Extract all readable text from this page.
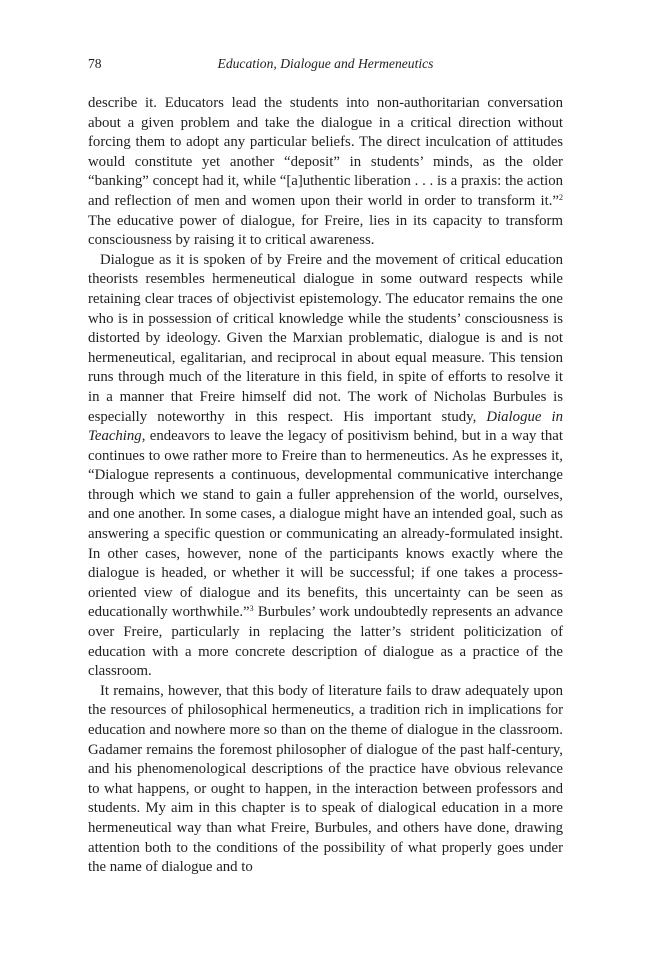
78	Education, Dialogue and Hermeneutics

describe it. Educators lead the students into non-authoritarian conversation about a given problem and take the dialogue in a critical direction without forcing them to adopt any particular beliefs. The direct inculcation of attitudes would constitute yet another “deposit” in students’ minds, as the older “banking” concept had it, while “[a]uthentic liberation . . . is a praxis: the action and reflection of men and women upon their world in order to transform it.”$^2$ The educative power of dialogue, for Freire, lies in its capacity to transform consciousness by raising it to critical awareness.

Dialogue as it is spoken of by Freire and the movement of critical education theorists resembles hermeneutical dialogue in some outward respects while retaining clear traces of objectivist epistemology. The educator remains the one who is in possession of critical knowledge while the students’ consciousness is distorted by ideology. Given the Marxian problematic, dialogue is and is not hermeneutical, egalitarian, and reciprocal in about equal measure. This tension runs through much of the literature in this field, in spite of efforts to resolve it in a manner that Freire himself did not. The work of Nicholas Burbules is especially noteworthy in this respect. His important study, Dialogue in Teaching, endeavors to leave the legacy of positivism behind, but in a way that continues to owe rather more to Freire than to hermeneutics. As he expresses it, “Dialogue represents a continuous, developmental communicative interchange through which we stand to gain a fuller apprehension of the world, ourselves, and one another. In some cases, a dialogue might have an intended goal, such as answering a specific question or communicating an already-formulated insight. In other cases, however, none of the participants knows exactly where the dialogue is headed, or whether it will be successful; if one takes a process-oriented view of dialogue and its benefits, this uncertainty can be seen as educationally worthwhile.”$^3$ Burbules’ work undoubtedly represents an advance over Freire, particularly in replacing the latter’s strident politicization of education with a more concrete description of dialogue as a practice of the classroom.

It remains, however, that this body of literature fails to draw adequately upon the resources of philosophical hermeneutics, a tradition rich in implications for education and nowhere more so than on the theme of dialogue in the classroom. Gadamer remains the foremost philosopher of dialogue of the past half-century, and his phenomenological descriptions of the practice have obvious relevance to what happens, or ought to happen, in the interaction between professors and students. My aim in this chapter is to speak of dialogical education in a more hermeneutical way than what Freire, Burbules, and others have done, drawing attention both to the conditions of the possibility of what properly goes under the name of dialogue and to
